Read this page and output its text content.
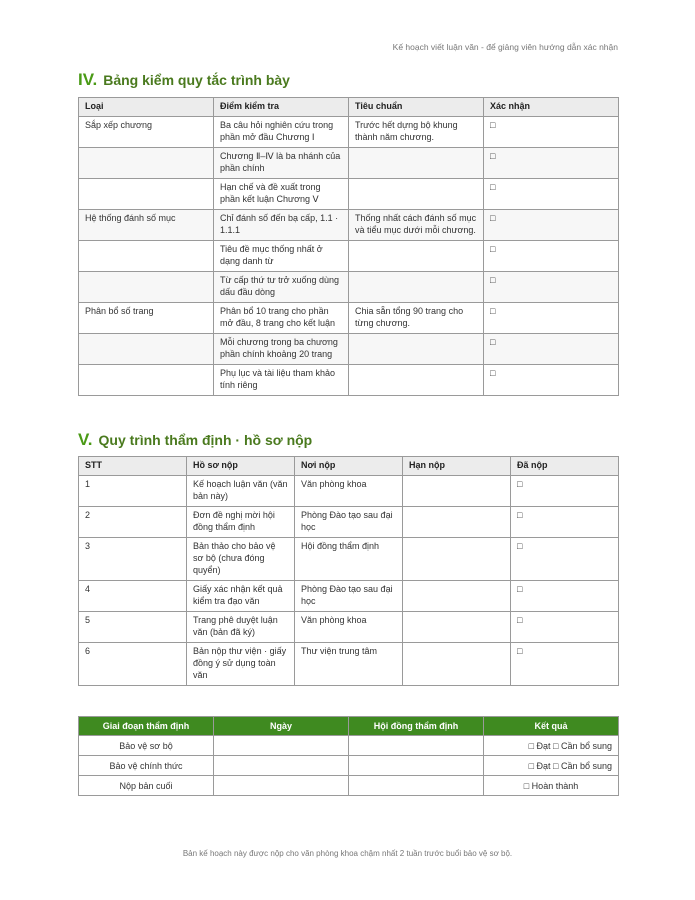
Kế hoạch viết luận văn - để giảng viên hướng dẫn xác nhận
IV. Bảng kiểm quy tắc trình bày
Loại	Điểm kiểm tra	Tiêu chuẩn	Xác nhận
Sắp xếp chương	Ba câu hỏi nghiên cứu trong phần mở đầu Chương Ⅰ	Trước hết dựng bộ khung thành năm chương.	□
	Chương Ⅱ–Ⅳ là ba nhánh của phần chính		□
	Hạn chế và đề xuất trong phần kết luận Chương Ⅴ		□
Hệ thống đánh số mục	Chỉ đánh số đến bạ cấp, 1.1 · 1.1.1	Thống nhất cách đánh số mục và tiểu mục dưới mỗi chương.	□
	Tiêu đề mục thống nhất ở dạng danh từ		□
	Từ cấp thứ tư trở xuống dùng dấu đầu dòng		□
Phân bổ số trang	Phân bổ 10 trang cho phần mở đầu, 8 trang cho kết luận	Chia sẵn tổng 90 trang cho từng chương.	□
	Mỗi chương trong ba chương phần chính khoảng 20 trang		□
	Phụ lục và tài liệu tham khảo tính riêng		□
V. Quy trình thẩm định · hồ sơ nộp
STT	Hồ sơ nộp	Nơi nộp	Hạn nộp	Đã nộp
1	Kế hoạch luận văn (văn bản này)	Văn phòng khoa		□
2	Đơn đề nghị mời hội đồng thẩm định	Phòng Đào tạo sau đại học		□
3	Bản thảo cho bảo vệ sơ bộ (chưa đóng quyển)	Hội đồng thẩm định		□
4	Giấy xác nhận kết quả kiểm tra đạo văn	Phòng Đào tạo sau đại học		□
5	Trang phê duyệt luận văn (bản đã ký)	Văn phòng khoa		□
6	Bản nộp thư viện · giấy đồng ý sử dụng toàn văn	Thư viện trung tâm		□
Giai đoạn thẩm định	Ngày	Hội đồng thẩm định	Kết quả
Bảo vệ sơ bộ			□ Đạt □ Cần bổ sung
Bảo vệ chính thức			□ Đạt □ Cần bổ sung
Nộp bản cuối			□ Hoàn thành
Bản kế hoạch này được nộp cho văn phòng khoa chậm nhất 2 tuần trước buổi bảo vệ sơ bộ.
